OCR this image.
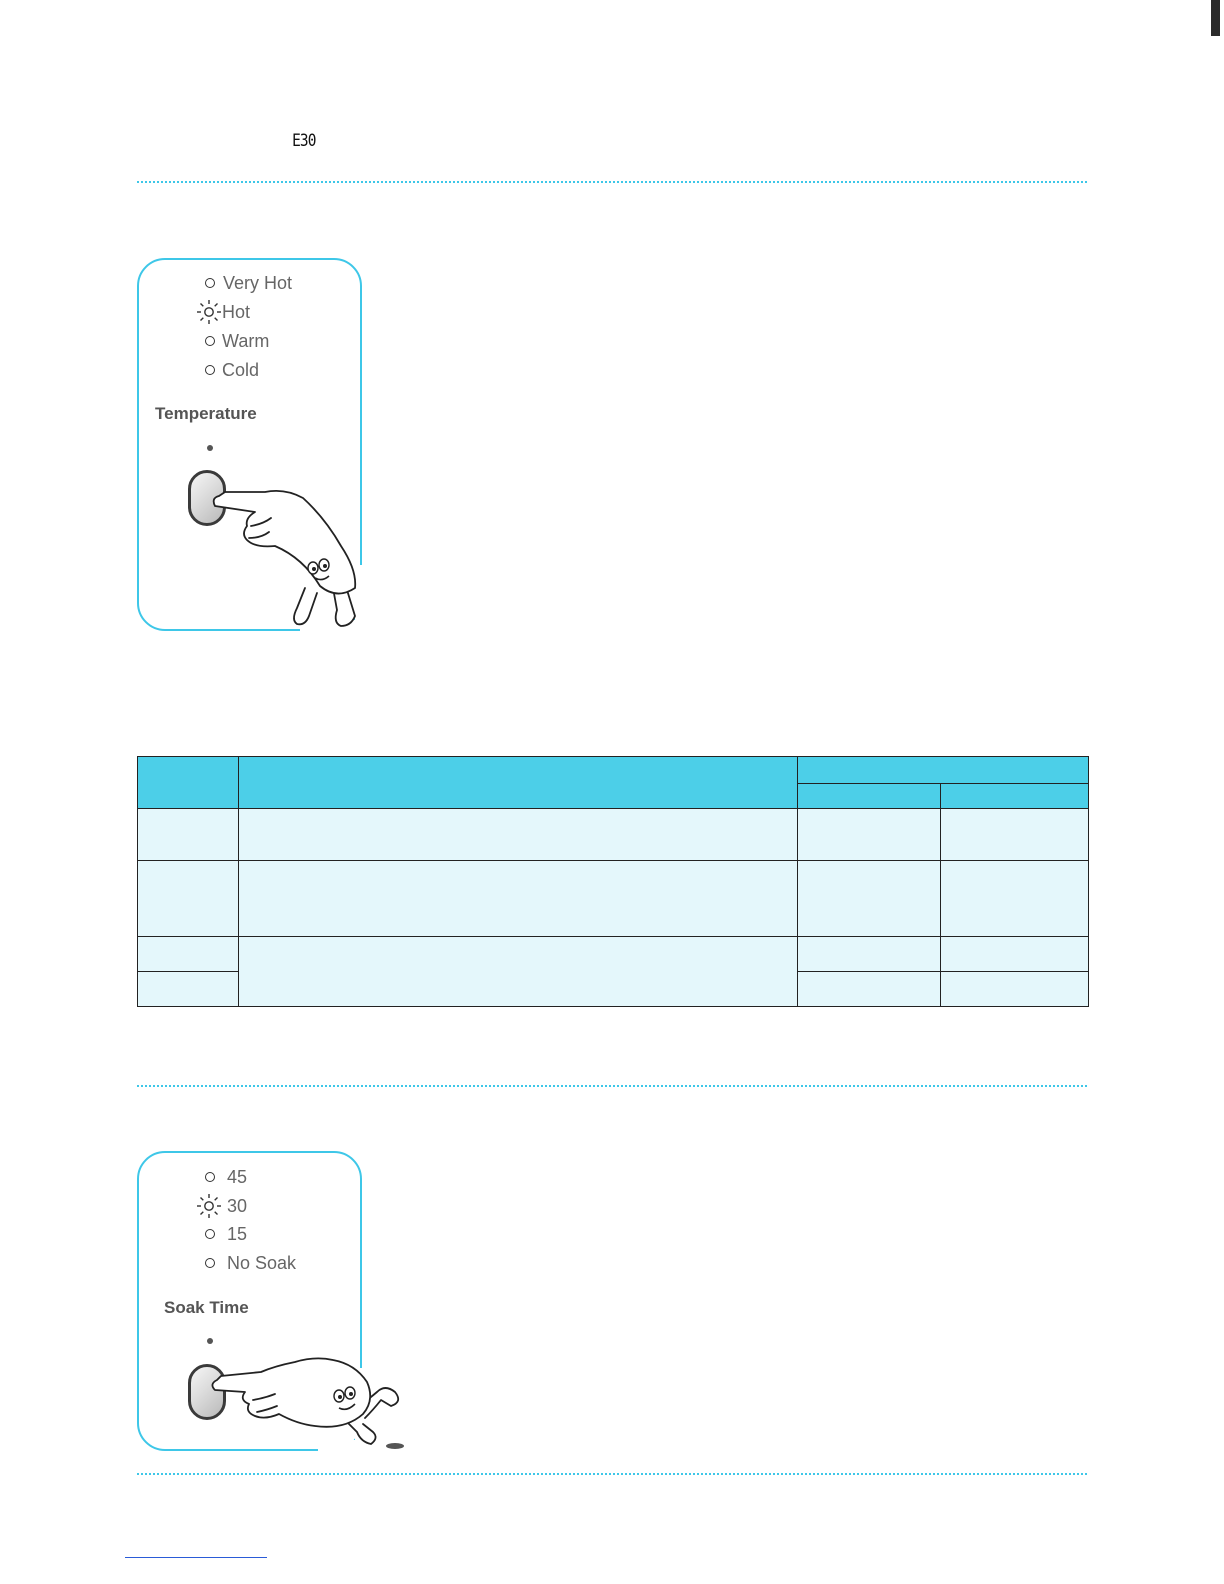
E30
Very Hot
Hot
Warm
Cold
Temperature

45
30
15
No Soak
Soak Time
